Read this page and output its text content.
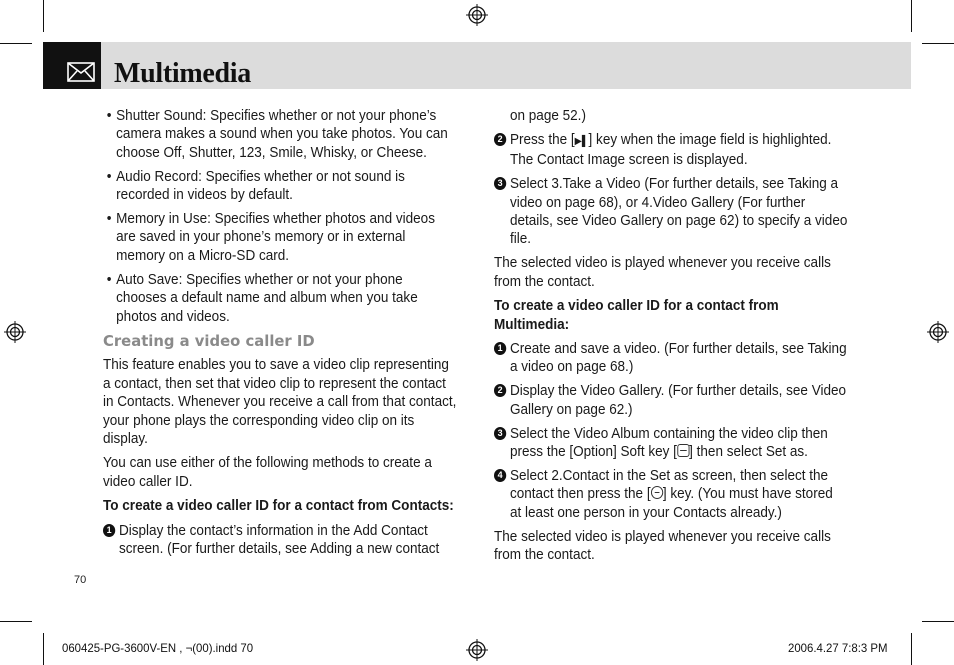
Multimedia

• Shutter Sound: Specifies whether or not your phone’s camera makes a sound when you take photos. You can choose Off, Shutter, 123, Smile, Whisky, or Cheese.

• Audio Record: Specifies whether or not sound is recorded in videos by default.

• Memory in Use: Specifies whether photos and videos are saved in your phone’s memory or in external memory on a Micro-SD card.

• Auto Save: Specifies whether or not your phone chooses a default name and album when you take photos and videos.

Creating a video caller ID

This feature enables you to save a video clip representing a contact, then set that video clip to represent the contact in Contacts. Whenever you receive a call from that contact, your phone plays the corresponding video clip on its display.

You can use either of the following methods to create a video caller ID.

To create a video caller ID for a contact from Contacts:

1 Display the contact’s information in the Add Contact screen. (For further details, see Adding a new contact

on page 52.)

2 Press the [▶▌] key when the image field is highlighted. The Contact Image screen is displayed.

3 Select 3.Take a Video (For further details, see Taking a video on page 68), or 4.Video Gallery (For further details, see Video Gallery on page 62) to specify a video file.

The selected video is played whenever you receive calls from the contact.

To create a video caller ID for a contact from Multimedia:

1 Create and save a video. (For further details, see Taking a video on page 68.)

2 Display the Video Gallery. (For further details, see Video Gallery on page 62.)

3 Select the Video Album containing the video clip then press the [Option] Soft key [ ] then select Set as.

4 Select 2.Contact in the Set as screen, then select the contact then press the [ ] key. (You must have stored at least one person in your Contacts already.)

The selected video is played whenever you receive calls from the contact.

70
060425-PG-3600V-EN , ¬(00).indd 70	2006.4.27 7:8:3 PM
